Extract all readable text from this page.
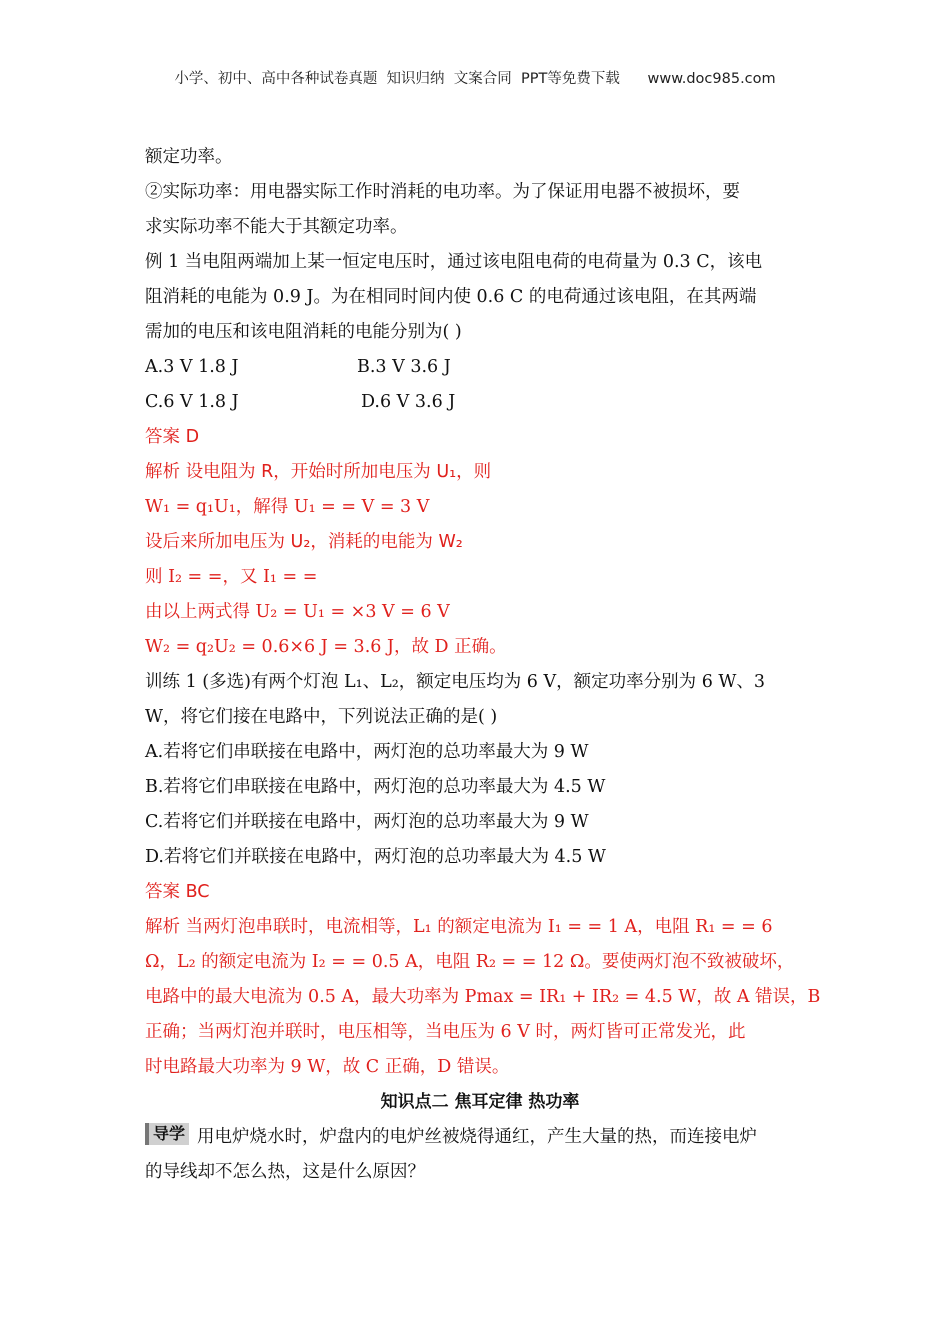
小学、初中、高中各种试卷真题  知识归纳  文案合同  PPT等免费下载 www.doc985.com
额定功率。
②实际功率：用电器实际工作时消耗的电功率。为了保证用电器不被损坏，要
求实际功率不能大于其额定功率。
例 1 当电阻两端加上某一恒定电压时，通过该电阻电荷的电荷量为 0.3 C，该电
阻消耗的电能为 0.9 J。为在相同时间内使 0.6 C 的电荷通过该电阻，在其两端
需加的电压和该电阻消耗的电能分别为( )
A.3 V 1.8 J	B.3 V 3.6 J
C.6 V 1.8 J	D.6 V 3.6 J
答案 D
解析 设电阻为 R，开始时所加电压为 U₁，则
W₁ = q₁U₁，解得 U₁ = = V = 3 V
设后来所加电压为 U₂，消耗的电能为 W₂
则 I₂ = =，又 I₁ = =
由以上两式得 U₂ = U₁ = ×3 V = 6 V
W₂ = q₂U₂ = 0.6×6 J = 3.6 J，故 D 正确。
训练 1 (多选)有两个灯泡 L₁、L₂，额定电压均为 6 V，额定功率分别为 6 W、3
W，将它们接在电路中，下列说法正确的是( )
A.若将它们串联接在电路中，两灯泡的总功率最大为 9 W
B.若将它们串联接在电路中，两灯泡的总功率最大为 4.5 W
C.若将它们并联接在电路中，两灯泡的总功率最大为 9 W
D.若将它们并联接在电路中，两灯泡的总功率最大为 4.5 W
答案 BC
解析 当两灯泡串联时，电流相等，L₁ 的额定电流为 I₁ = = 1 A，电阻 R₁ = = 6
Ω，L₂ 的额定电流为 I₂ = = 0.5 A，电阻 R₂ = = 12 Ω。要使两灯泡不致被破坏，
电路中的最大电流为 0.5 A，最大功率为 Pmax = IR₁ + IR₂ = 4.5 W，故 A 错误，B
正确；当两灯泡并联时，电压相等，当电压为 6 V 时，两灯皆可正常发光，此
时电路最大功率为 9 W，故 C 正确，D 错误。
知识点二 焦耳定律 热功率
导学 用电炉烧水时，炉盘内的电炉丝被烧得通红，产生大量的热，而连接电炉
的导线却不怎么热，这是什么原因？
